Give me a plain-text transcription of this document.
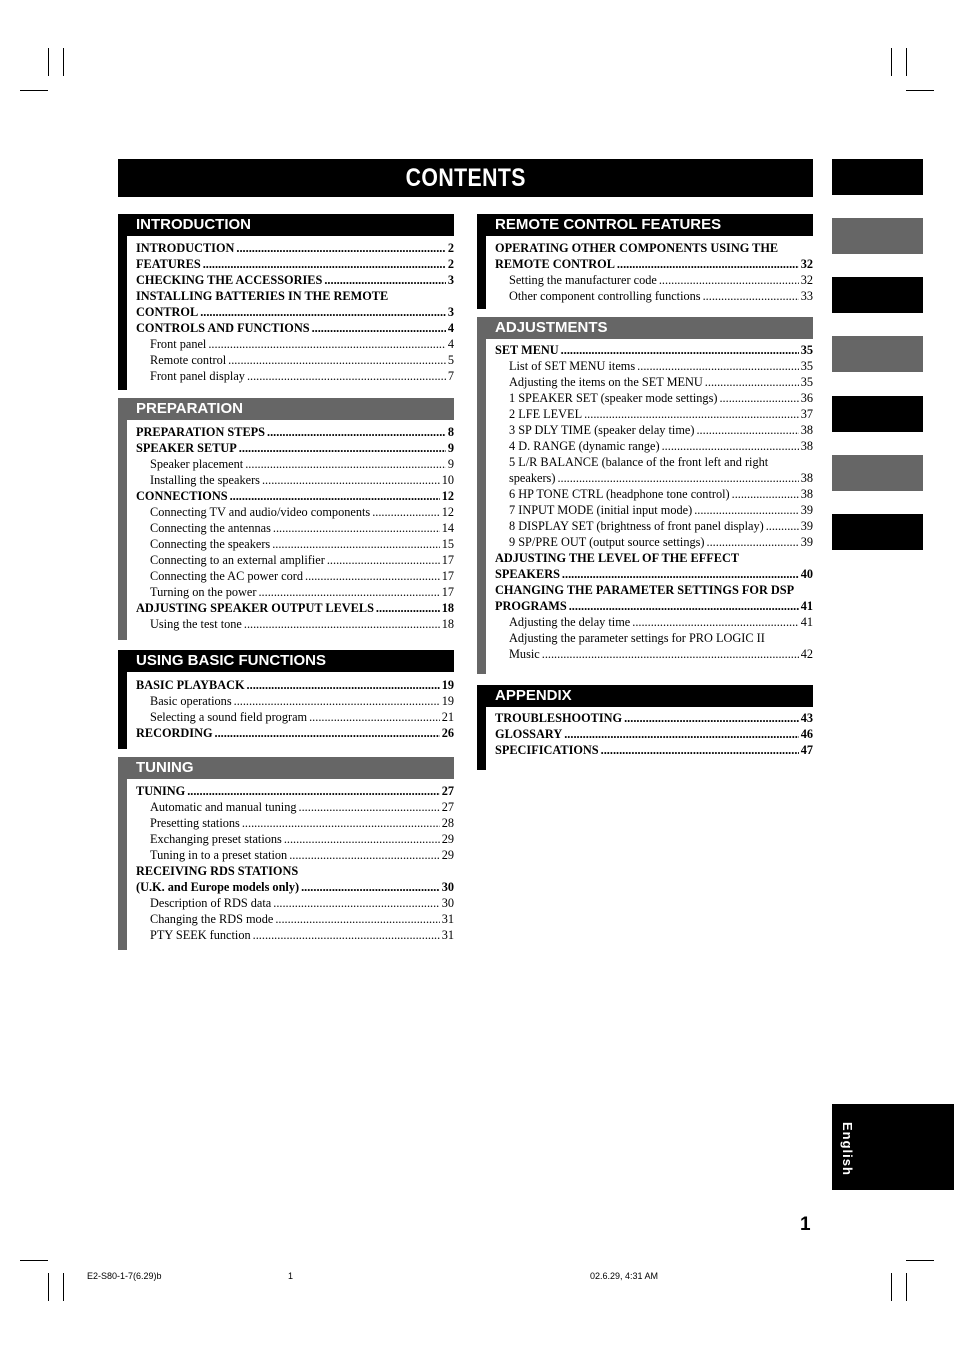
CONTENTS
INTRODUCTION
INTRODUCTION .....	2
FEATURES .....	2
CHECKING THE ACCESSORIES .....	3
INSTALLING BATTERIES IN THE REMOTE
CONTROL .....	3
CONTROLS AND FUNCTIONS .....	4
Front panel .....	4
Remote control .....	5
Front panel display .....	7
PREPARATION
PREPARATION STEPS .....	8
SPEAKER SETUP .....	9
Speaker placement .....	9
Installing the speakers .....	10
CONNECTIONS .....	12
Connecting TV and audio/video components .....	12
Connecting the antennas .....	14
Connecting the speakers .....	15
Connecting to an external amplifier .....	17
Connecting the AC power cord .....	17
Turning on the power .....	17
ADJUSTING SPEAKER OUTPUT LEVELS .....	18
Using the test tone .....	18
USING BASIC FUNCTIONS
BASIC PLAYBACK .....	19
Basic operations .....	19
Selecting a sound field program .....	21
RECORDING .....	26
TUNING
TUNING .....	27
Automatic and manual tuning .....	27
Presetting stations .....	28
Exchanging preset stations .....	29
Tuning in to a preset station .....	29
RECEIVING RDS STATIONS
(U.K. and Europe models only) .....	30
Description of RDS data .....	30
Changing the RDS mode .....	31
PTY SEEK function .....	31
REMOTE CONTROL FEATURES
OPERATING OTHER COMPONENTS USING THE
REMOTE CONTROL .....	32
Setting the manufacturer code .....	32
Other component controlling functions .....	33
ADJUSTMENTS
SET MENU .....	35
List of SET MENU items .....	35
Adjusting the items on the SET MENU .....	35
1 SPEAKER SET (speaker mode settings) .....	36
2 LFE LEVEL .....	37
3 SP DLY TIME (speaker delay time) .....	38
4 D. RANGE (dynamic range) .....	38
5 L/R BALANCE (balance of the front left and right
speakers) .....	38
6 HP TONE CTRL (headphone tone control) .....	38
7 INPUT MODE (initial input mode) .....	39
8 DISPLAY SET (brightness of front panel display) .....	39
9 SP/PRE OUT (output source settings) .....	39
ADJUSTING THE LEVEL OF THE EFFECT
SPEAKERS .....	40
CHANGING THE PARAMETER SETTINGS FOR DSP
PROGRAMS .....	41
Adjusting the delay time .....	41
Adjusting the parameter settings for PRO LOGIC II
Music .....	42
APPENDIX
TROUBLESHOOTING .....	43
GLOSSARY .....	46
SPECIFICATIONS .....	47
English
1
E2-S80-1-7(6.29)b	1	02.6.29, 4:31 AM
